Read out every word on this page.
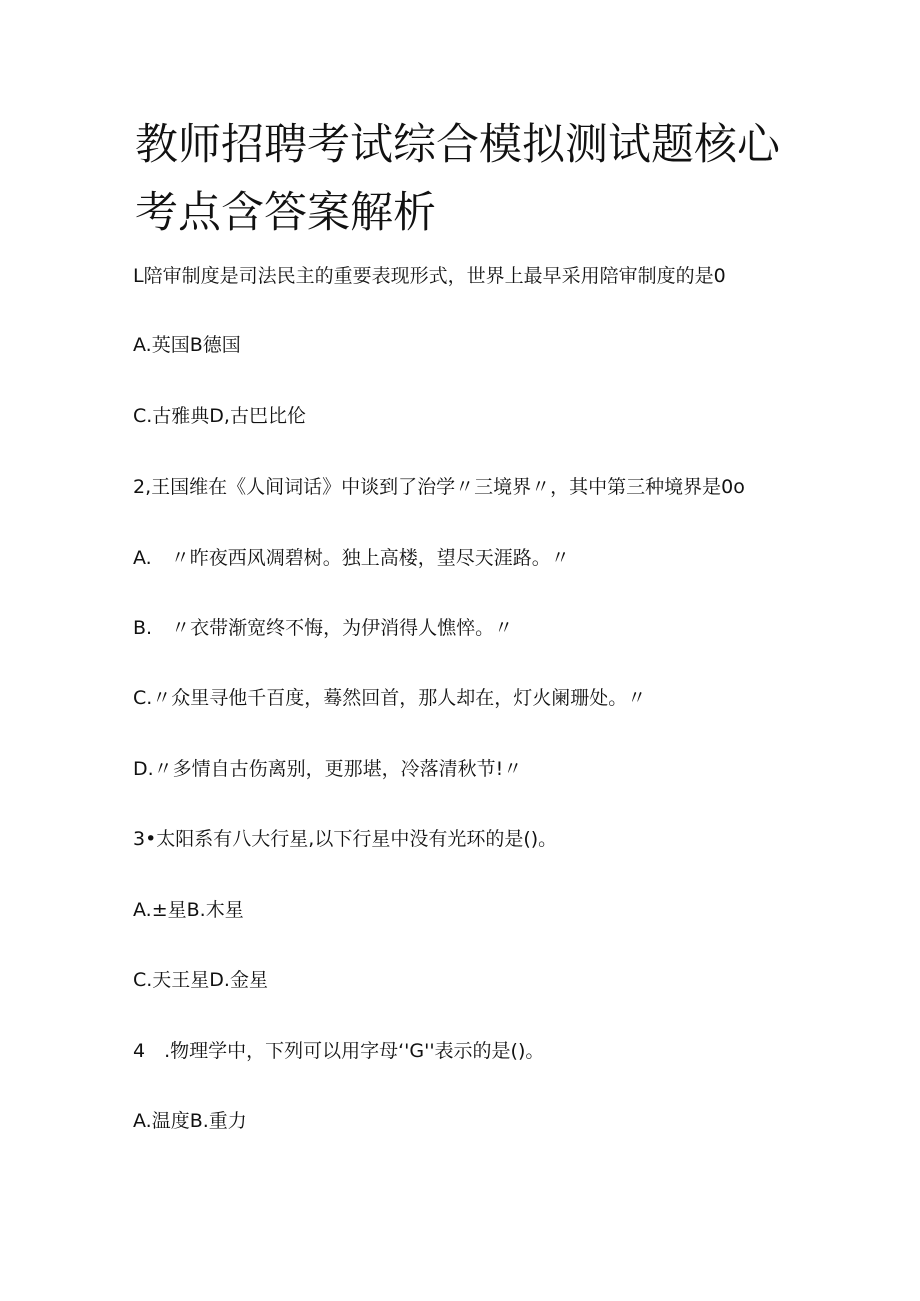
教师招聘考试综合模拟测试题核心
考点含答案解析
L陪审制度是司法民主的重要表现形式，世界上最早采用陪审制度的是0
A.英国B德国
C.古雅典D,古巴比伦
2,王国维在《人间词话》中谈到了治学〃三境界〃，其中第三种境界是0o
A.　〃昨夜西风凋碧树。独上高楼，望尽天涯路。〃
B.　〃衣带渐宽终不悔，为伊消得人憔悴。〃
C.〃众里寻他千百度，蓦然回首，那人却在，灯火阑珊处。〃
D.〃多情自古伤离别，更那堪，冷落清秋节!〃
3•太阳系有八大行星,以下行星中没有光环的是()。
A.±星B.木星
C.天王星D.金星
4　.物理学中，下列可以用字母‘'G''表示的是()。
A.温度B.重力
